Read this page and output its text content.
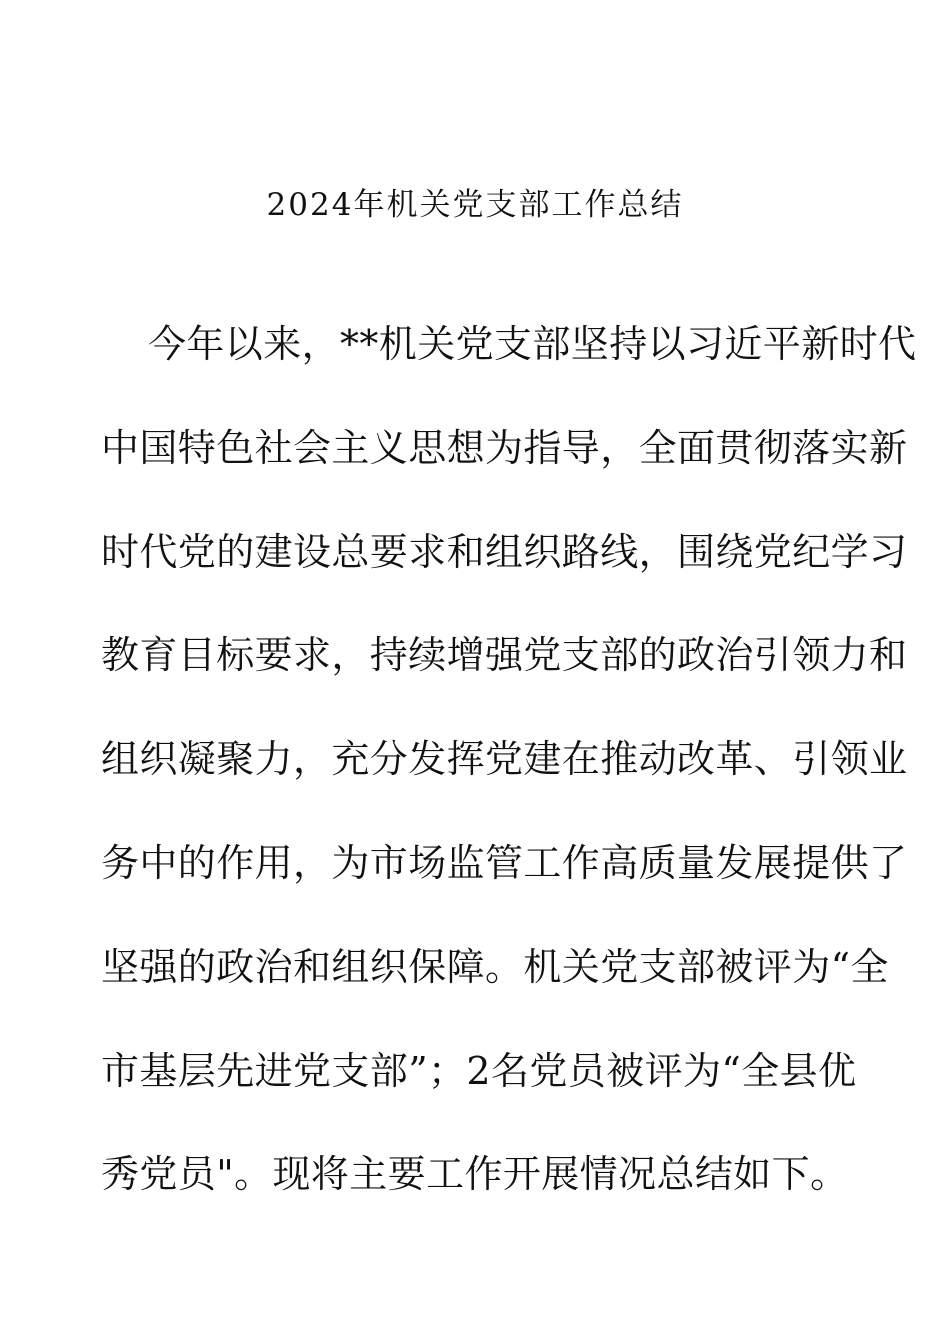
2024年机关党支部工作总结
今年以来，**机关党支部坚持以习近平新时代
中国特色社会主义思想为指导，全面贯彻落实新
时代党的建设总要求和组织路线，围绕党纪学习
教育目标要求，持续增强党支部的政治引领力和
组织凝聚力，充分发挥党建在推动改革、引领业
务中的作用，为市场监管工作高质量发展提供了
坚强的政治和组织保障。机关党支部被评为“全
市基层先进党支部”；2名党员被评为“全县优
秀党员"。现将主要工作开展情况总结如下。
